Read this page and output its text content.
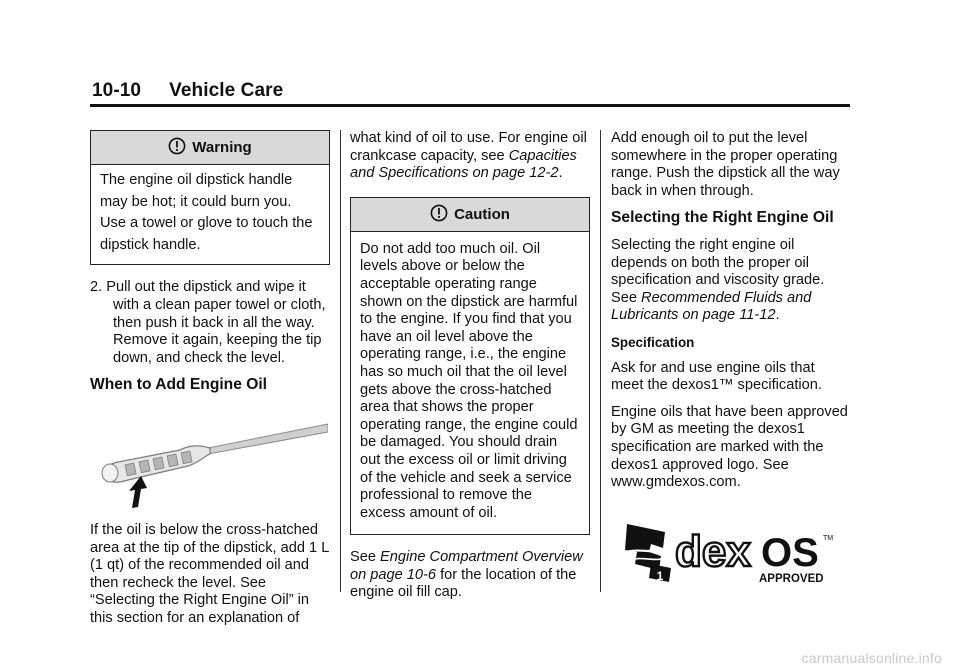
10-10 Vehicle Care
Warning

The engine oil dipstick handle

may be hot; it could burn you.

Use a towel or glove to touch the

dipstick handle.

2. Pull out the dipstick and wipe it with a clean paper towel or cloth, then push it back in all the way. Remove it again, keeping the tip down, and check the level.

When to Add Engine Oil

If the oil is below the cross-hatched area at the tip of the dipstick, add 1 L (1 qt) of the recommended oil and then recheck the level. See “Selecting the Right Engine Oil” in this section for an explanation of

what kind of oil to use. For engine oil crankcase capacity, see Capacities and Specifications on page 12-2.

Caution

Do not add too much oil. Oil levels above or below the acceptable operating range shown on the dipstick are harmful to the engine. If you find that you have an oil level above the operating range, i.e., the engine has so much oil that the oil level gets above the cross-hatched area that shows the proper operating range, the engine could be damaged. You should drain out the excess oil or limit driving of the vehicle and seek a service professional to remove the excess amount of oil.

See Engine Compartment Overview on page 10-6 for the location of the engine oil fill cap.

Add enough oil to put the level somewhere in the proper operating range. Push the dipstick all the way back in when through.

Selecting the Right Engine Oil

Selecting the right engine oil depends on both the proper oil specification and viscosity grade. See Recommended Fluids and Lubricants on page 11-12.

Specification

Ask for and use engine oils that meet the dexos1™ specification.

Engine oils that have been approved by GM as meeting the dexos1 specification are marked with the dexos1 approved logo. See www.gmdexos.com.

1 dex OS TM
APPROVED
carmanualsonline.info
